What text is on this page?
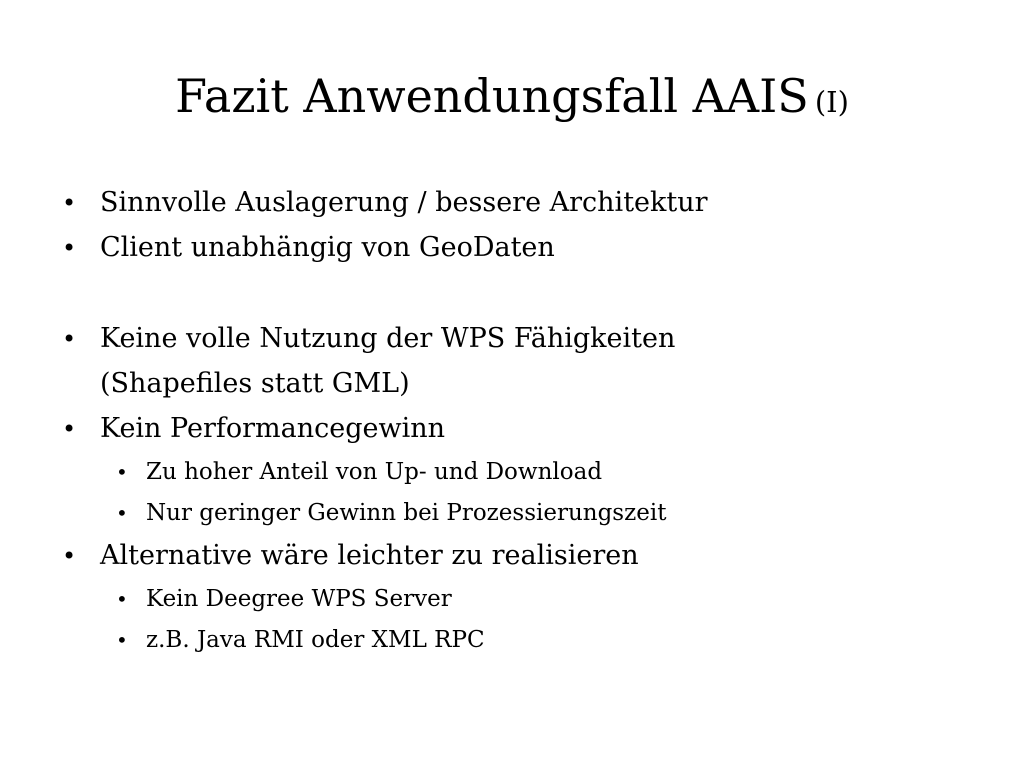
Fazit Anwendungsfall AAIS (I)
• Sinnvolle Auslagerung / bessere Architektur
• Client unabhängig von GeoDaten
• Keine volle Nutzung der WPS Fähigkeiten
(Shapefiles statt GML)
• Kein Performancegewinn
• Zu hoher Anteil von Up- und Download
• Nur geringer Gewinn bei Prozessierungszeit
• Alternative wäre leichter zu realisieren
• Kein Deegree WPS Server
• z.B. Java RMI oder XML RPC
